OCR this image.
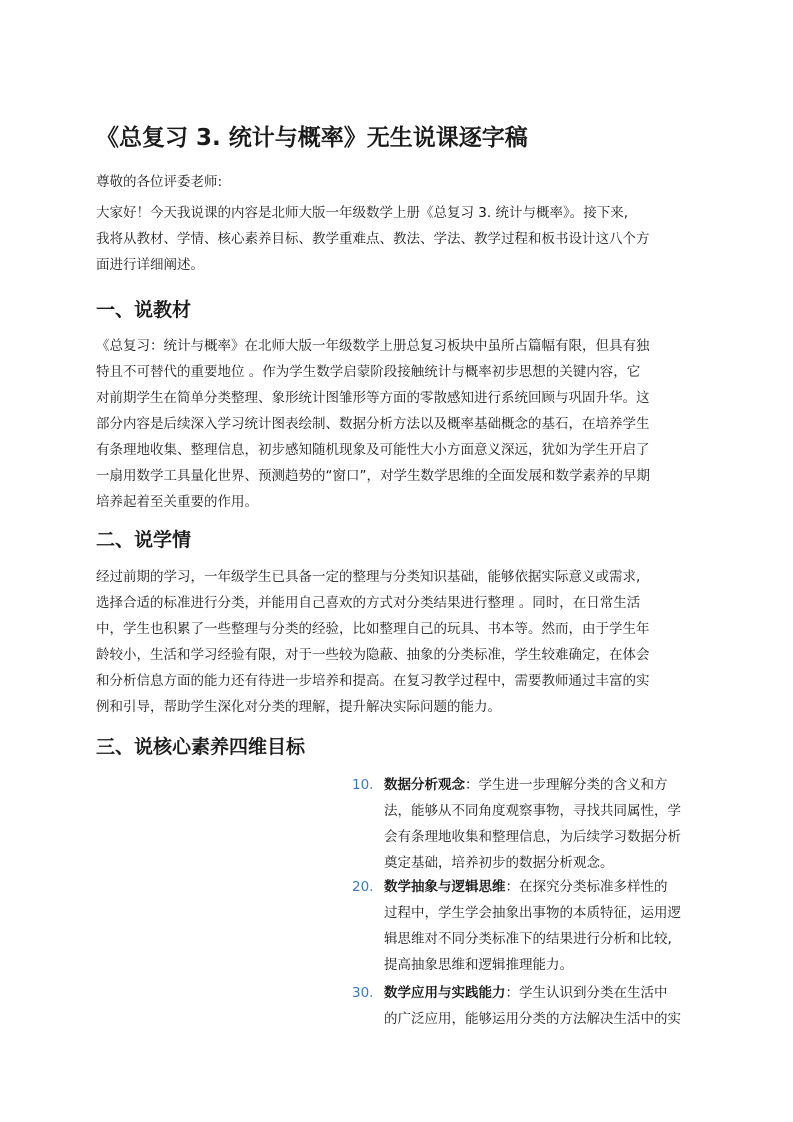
《总复习 3. 统计与概率》无生说课逐字稿
尊敬的各位评委老师:
大家好！今天我说课的内容是北师大版一年级数学上册《总复习 3. 统计与概率》。接下来,
我将从教材、学情、核心素养目标、教学重难点、教法、学法、教学过程和板书设计这八个方
面进行详细阐述。
一、说教材
《总复习：统计与概率》在北师大版一年级数学上册总复习板块中虽所占篇幅有限，但具有独
特且不可替代的重要地位 。作为学生数学启蒙阶段接触统计与概率初步思想的关键内容，它
对前期学生在简单分类整理、象形统计图雏形等方面的零散感知进行系统回顾与巩固升华。这
部分内容是后续深入学习统计图表绘制、数据分析方法以及概率基础概念的基石，在培养学生
有条理地收集、整理信息，初步感知随机现象及可能性大小方面意义深远，犹如为学生开启了
一扇用数学工具量化世界、预测趋势的“窗口”，对学生数学思维的全面发展和数学素养的早期
培养起着至关重要的作用。
二、说学情
经过前期的学习，一年级学生已具备一定的整理与分类知识基础，能够依据实际意义或需求,
选择合适的标准进行分类，并能用自己喜欢的方式对分类结果进行整理 。同时，在日常生活
中，学生也积累了一些整理与分类的经验，比如整理自己的玩具、书本等。然而，由于学生年
龄较小，生活和学习经验有限，对于一些较为隐蔽、抽象的分类标准，学生较难确定，在体会
和分析信息方面的能力还有待进一步培养和提高。在复习教学过程中，需要教师通过丰富的实
例和引导，帮助学生深化对分类的理解，提升解决实际问题的能力。
三、说核心素养四维目标
10. 数据分析观念：学生进一步理解分类的含义和方
法，能够从不同角度观察事物，寻找共同属性，学
会有条理地收集和整理信息，为后续学习数据分析
奠定基础，培养初步的数据分析观念。
20. 数学抽象与逻辑思维：在探究分类标准多样性的
过程中，学生学会抽象出事物的本质特征，运用逻
辑思维对不同分类标准下的结果进行分析和比较,
提高抽象思维和逻辑推理能力。
30. 数学应用与实践能力：学生认识到分类在生活中
的广泛应用，能够运用分类的方法解决生活中的实
